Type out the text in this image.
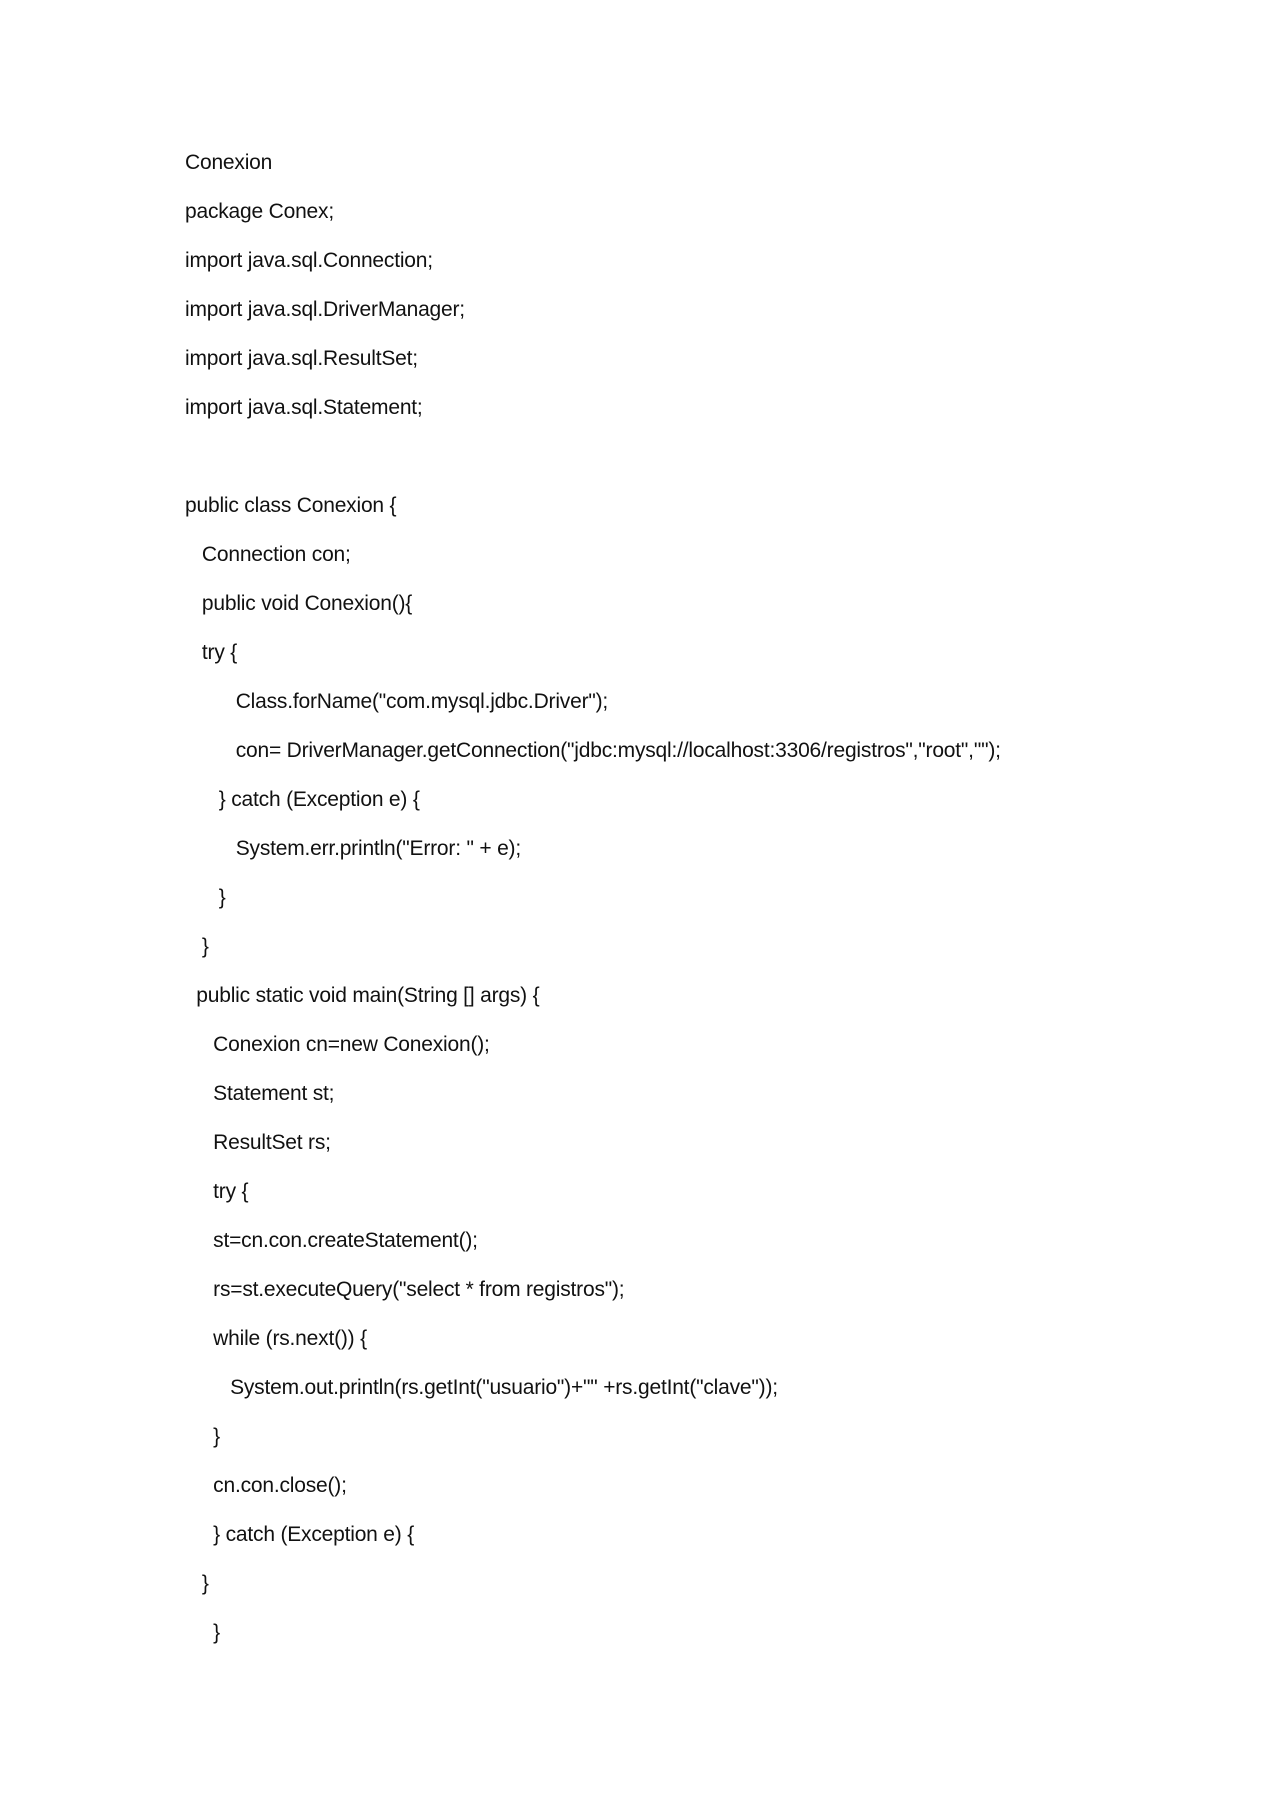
Conexion
package Conex;
import java.sql.Connection;
import java.sql.DriverManager;
import java.sql.ResultSet;
import java.sql.Statement;
public class Conexion {
Connection con;
public void Conexion(){
try {
Class.forName("com.mysql.jdbc.Driver");
con= DriverManager.getConnection("jdbc:mysql://localhost:3306/registros","root","");
} catch (Exception e) {
System.err.println("Error: " + e);
}
}
public static void main(String [] args) {
Conexion cn=new Conexion();
Statement st;
ResultSet rs;
try {
st=cn.con.createStatement();
rs=st.executeQuery("select * from registros");
while (rs.next()) {
System.out.println(rs.getInt("usuario")+"" +rs.getInt("clave"));
}
cn.con.close();
} catch (Exception e) {
}
}
